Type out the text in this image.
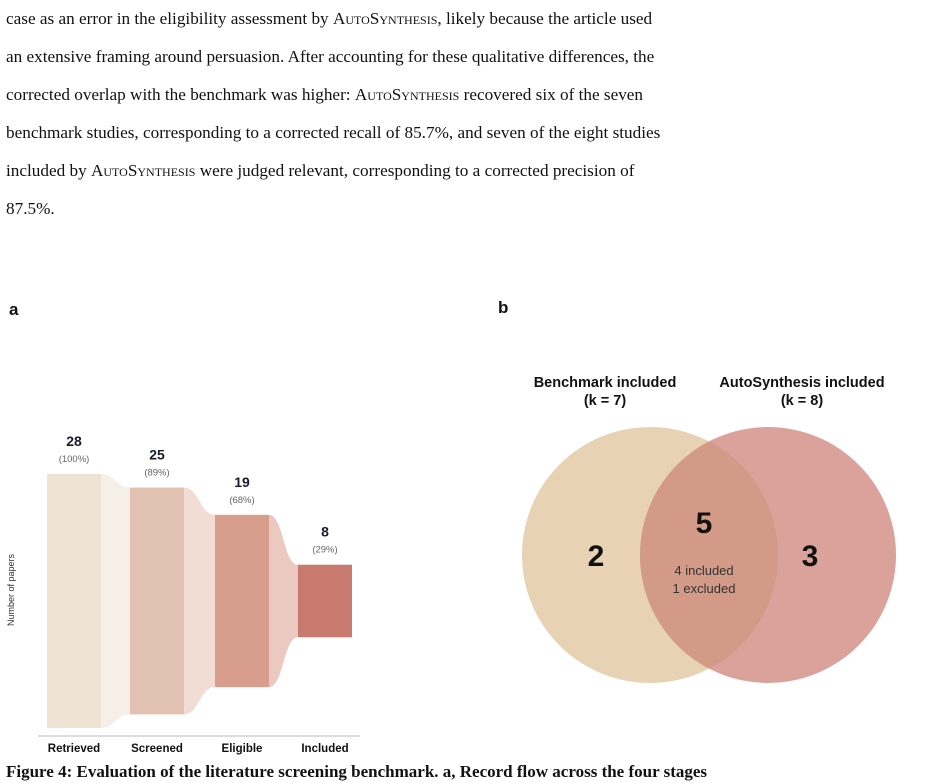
case as an error in the eligibility assessment by AutoSynthesis, likely because the article used

an extensive framing around persuasion. After accounting for these qualitative differences, the

corrected overlap with the benchmark was higher: AutoSynthesis recovered six of the seven

benchmark studies, corresponding to a corrected recall of 85.7%, and seven of the eight studies

included by AutoSynthesis were judged relevant, corresponding to a corrected precision of

87.5%.

a	b
Number of papers
28
(100%)
Retrieved
25
(89%)
Screened
19
(68%)
Eligible
8
(29%)
Included
Benchmark included
(k = 7)
AutoSynthesis included
(k = 8)
2	3
5
4 included
1 excluded
Figure 4: Evaluation of the literature screening benchmark. a, Record flow across the four stages
